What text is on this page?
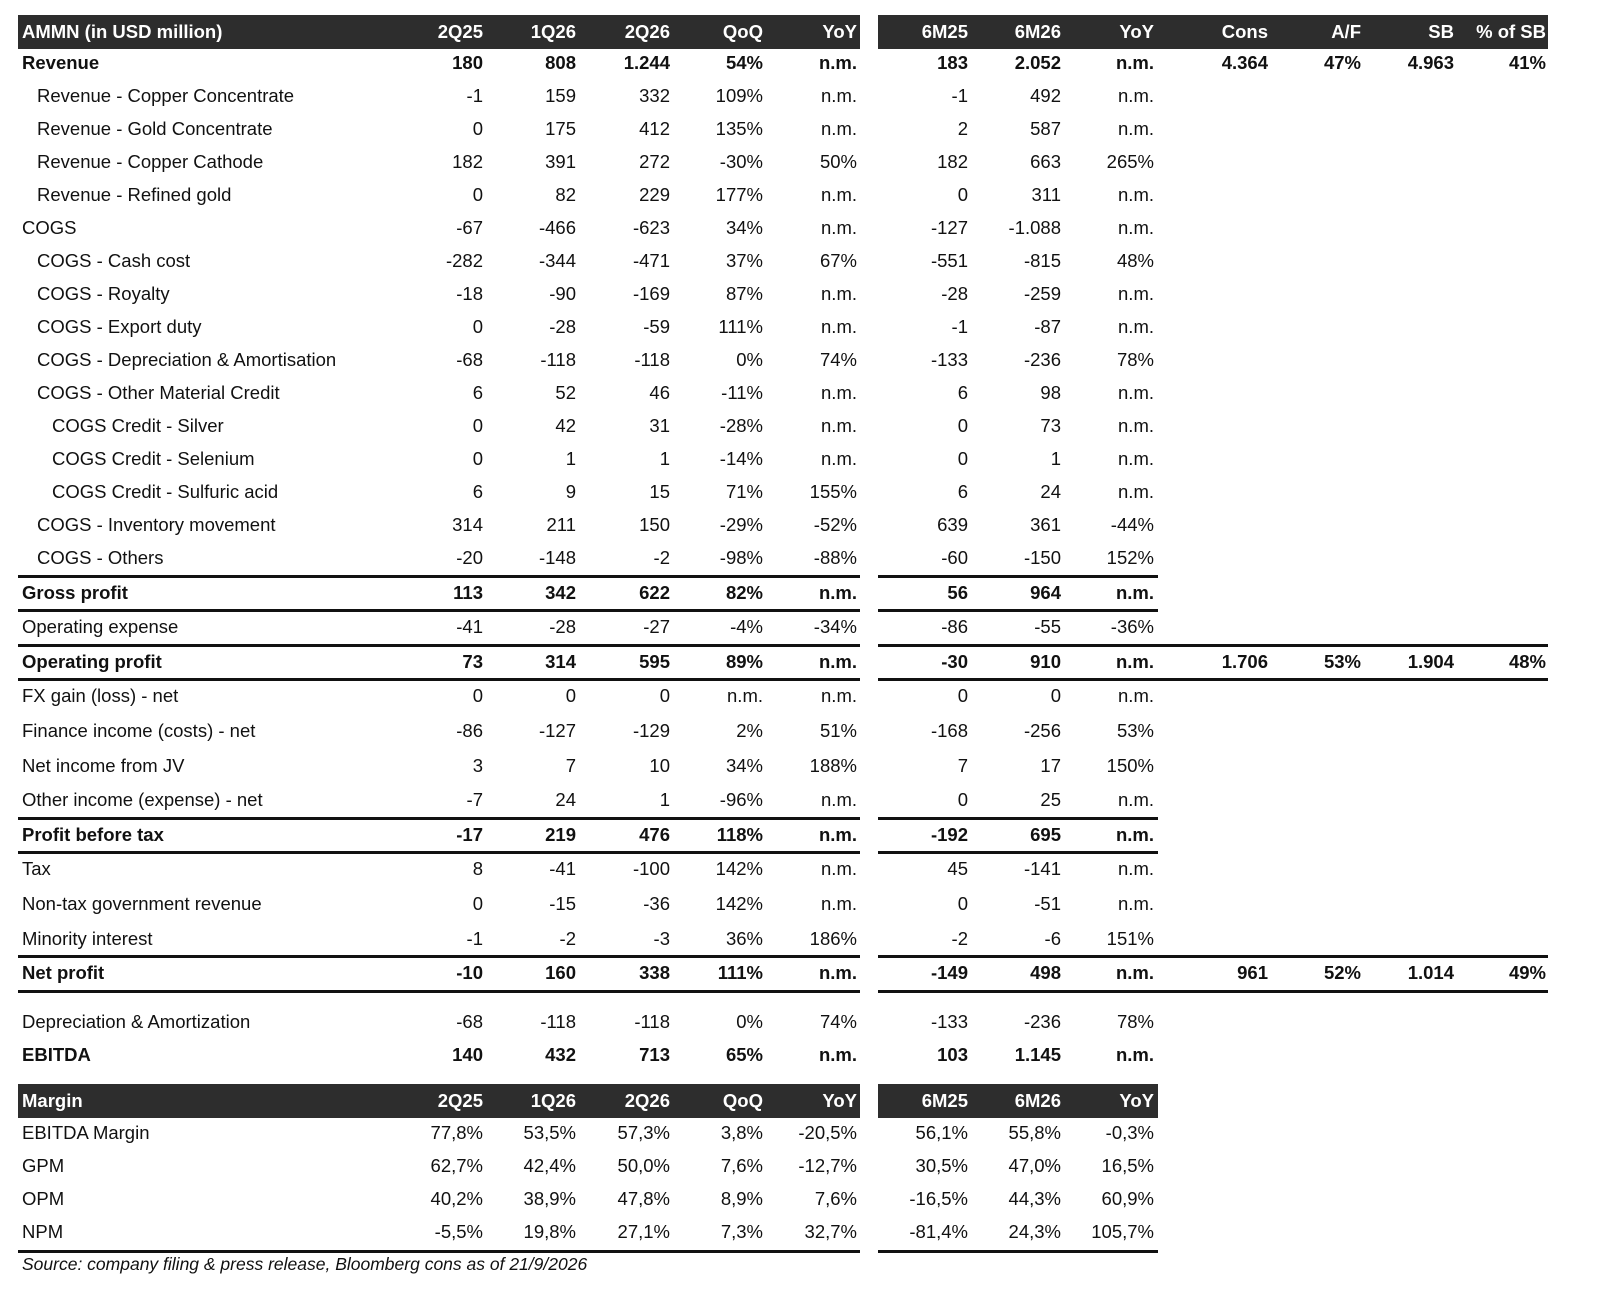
AMMN (in USD million)	2Q25	1Q26	2Q26	QoQ	YoY	6M25	6M26	YoY	Cons	A/F	SB	% of SB
Revenue	180	808	1.244	54%	n.m.	183	2.052	n.m.	4.364	47%	4.963	41%
Revenue - Copper Concentrate	-1	159	332	109%	n.m.	-1	492	n.m.
Revenue - Gold Concentrate	0	175	412	135%	n.m.	2	587	n.m.
Revenue - Copper Cathode	182	391	272	-30%	50%	182	663	265%
Revenue - Refined gold	0	82	229	177%	n.m.	0	311	n.m.
COGS	-67	-466	-623	34%	n.m.	-127	-1.088	n.m.
COGS - Cash cost	-282	-344	-471	37%	67%	-551	-815	48%
COGS - Royalty	-18	-90	-169	87%	n.m.	-28	-259	n.m.
COGS - Export duty	0	-28	-59	111%	n.m.	-1	-87	n.m.
COGS - Depreciation & Amortisation	-68	-118	-118	0%	74%	-133	-236	78%
COGS - Other Material Credit	6	52	46	-11%	n.m.	6	98	n.m.
COGS Credit - Silver	0	42	31	-28%	n.m.	0	73	n.m.
COGS Credit - Selenium	0	1	1	-14%	n.m.	0	1	n.m.
COGS Credit - Sulfuric acid	6	9	15	71%	155%	6	24	n.m.
COGS - Inventory movement	314	211	150	-29%	-52%	639	361	-44%
COGS - Others	-20	-148	-2	-98%	-88%	-60	-150	152%
Gross profit	113	342	622	82%	n.m.	56	964	n.m.
Operating expense	-41	-28	-27	-4%	-34%	-86	-55	-36%
Operating profit	73	314	595	89%	n.m.	-30	910	n.m.	1.706	53%	1.904	48%
FX gain (loss) - net	0	0	0	n.m.	n.m.	0	0	n.m.
Finance income (costs) - net	-86	-127	-129	2%	51%	-168	-256	53%
Net income from JV	3	7	10	34%	188%	7	17	150%
Other income (expense) - net	-7	24	1	-96%	n.m.	0	25	n.m.
Profit before tax	-17	219	476	118%	n.m.	-192	695	n.m.
Tax	8	-41	-100	142%	n.m.	45	-141	n.m.
Non-tax government revenue	0	-15	-36	142%	n.m.	0	-51	n.m.
Minority interest	-1	-2	-3	36%	186%	-2	-6	151%
Net profit	-10	160	338	111%	n.m.	-149	498	n.m.	961	52%	1.014	49%
Depreciation & Amortization	-68	-118	-118	0%	74%	-133	-236	78%
EBITDA	140	432	713	65%	n.m.	103	1.145	n.m.
Margin	2Q25	1Q26	2Q26	QoQ	YoY	6M25	6M26	YoY
EBITDA Margin	77,8%	53,5%	57,3%	3,8%	-20,5%	56,1%	55,8%	-0,3%
GPM	62,7%	42,4%	50,0%	7,6%	-12,7%	30,5%	47,0%	16,5%
OPM	40,2%	38,9%	47,8%	8,9%	7,6%	-16,5%	44,3%	60,9%
NPM	-5,5%	19,8%	27,1%	7,3%	32,7%	-81,4%	24,3%	105,7%
Source: company filing & press release, Bloomberg cons as of 21/9/2026
